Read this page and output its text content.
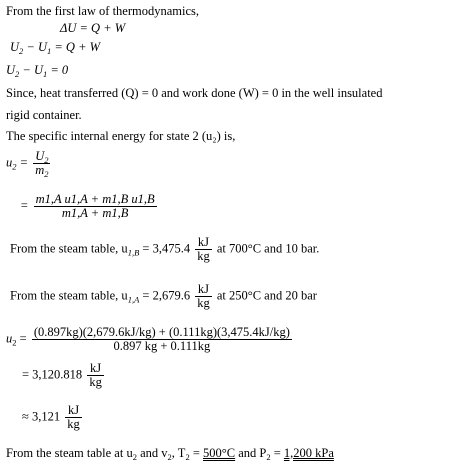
From the first law of thermodynamics,
ΔU = Q + W
$U_2 - U_1 = Q + W$
$U_2 - U_1 = 0$
Since, heat transferred (Q) = 0 and work done (W) = 0 in the well insulated
rigid container.
The specific internal energy for state 2 (u₂) is,
$u_2 = \frac{U_2}{m_2}$
= $\frac{\text{m1,A u1,A + m1,B u1,B}}{m1,A + m1,B}$
From the steam table, $u_{1,B} = 3,475.4 \frac{kJ}{kg}$ at 700°C and 10 bar.
From the steam table, $u_{1,A} = 2,679.6 \frac{kJ}{kg}$ at 250°C and 20 bar
$u_2 = \frac{(0.897kg)(2,679.6kJ/kg) + (0.111kg)(3,475.4kJ/kg)}{0.897 kg + 0.111kg}$
= $3,120.818 \frac{kJ}{kg}$
≈ $3,121 \frac{kJ}{kg}$
From the steam table at $u_2$ and $v_2$, $T_2 = 500^\circ C$ and $P_2 = 1,200$ kPa
